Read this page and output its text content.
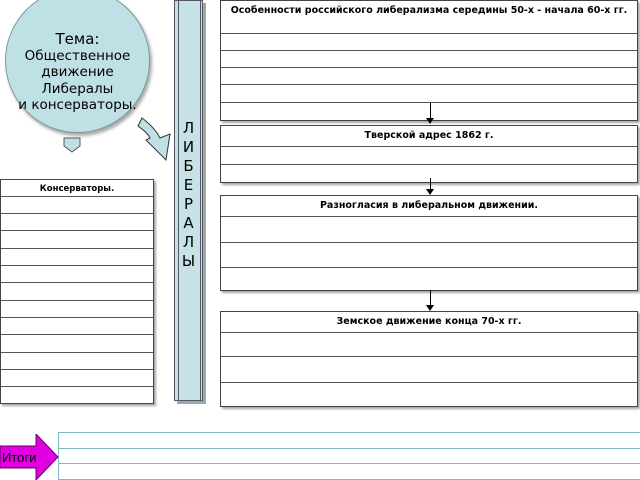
Тема:
Общественное
движение
Либералы
и консерваторы.
Л
И
Б
Е
Р
А
Л
Ы
Особенности российского либерализма середины 50-х - начала 60-х гг.
Тверской адрес 1862 г.
Разногласия в либеральном движении.
Земское движение конца 70-х гг.
Консерваторы.
Итоги
